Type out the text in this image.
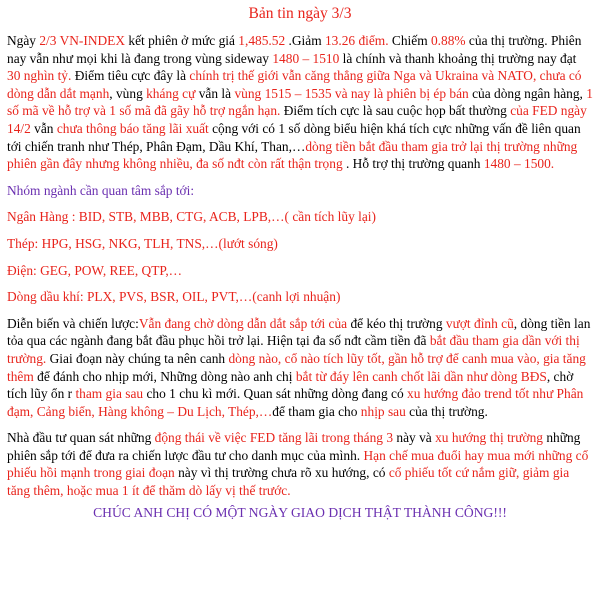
Bản tin ngày 3/3

Ngày 2/3 VN-INDEX kết phiên ở mức giá 1,485.52 .Giảm 13.26 điểm. Chiếm 0.88% của thị trường. Phiên nay vẫn như mọi khi là đang trong vùng sideway 1480 – 1510 là chính và thanh khoảng thị trường nay đạt 30 nghìn tỷ. Điểm tiêu cực đây là chính trị thế giới vẫn căng thẳng giữa Nga và Ukraina và NATO, chưa có dòng dẫn dắt mạnh, vùng kháng cự vẫn là vùng 1515 – 1535 và nay là phiên bị ép bán của dòng ngân hàng, 1 số mã về hỗ trợ và 1 số mã đã gãy hỗ trợ ngắn hạn. Điểm tích cực là sau cuộc họp bất thường của FED ngày 14/2 vẫn chưa thông báo tăng lãi xuất cộng với có 1 số dòng biểu hiện khá tích cực những vấn đề liên quan tới chiến tranh như Thép, Phân Đạm, Dầu Khí, Than,…dòng tiền bắt đầu tham gia trở lại thị trường những phiên gần đây nhưng không nhiều, đa số nđt còn rất thận trọng . Hỗ trợ thị trường quanh 1480 – 1500.

Nhóm ngành cần quan tâm sắp tới:

Ngân Hàng : BID, STB, MBB, CTG, ACB, LPB,…( cần tích lũy lại)

Thép: HPG, HSG, NKG, TLH, TNS,…(lướt sóng)

Điện: GEG, POW, REE, QTP,…

Dòng dầu khí: PLX, PVS, BSR, OIL, PVT,…(canh lợi nhuận)

Diễn biến và chiến lược:Vẫn đang chờ dòng dẫn dắt sắp tới của để kéo thị trường vượt đỉnh cũ, dòng tiền lan tỏa qua các ngành đang bắt đầu phục hồi trở lại. Hiện tại đa số nđt cầm tiền đã bắt đầu tham gia dần với thị trường. Giai đoạn này chúng ta nên canh dòng nào, cổ nào tích lũy tốt, gần hỗ trợ để canh mua vào, gia tăng thêm để đánh cho nhịp mới, Những dòng nào anh chị bắt từ đáy lên canh chốt lãi dần như dòng BĐS, chờ tích lũy ổn r tham gia sau cho 1 chu kì mới. Quan sát những dòng đang có xu hướng đảo trend tốt như Phân đạm, Cảng biển, Hàng không – Du Lịch, Thép,…để tham gia cho nhịp sau của thị trường.

Nhà đầu tư quan sát những động thái về việc FED tăng lãi trong tháng 3 này và xu hướng thị trường những phiên sắp tới để đưa ra chiến lược đầu tư cho danh mục của mình. Hạn chế mua đuổi hay mua mới những cổ phiếu hồi mạnh trong giai đoạn này vì thị trường chưa rõ xu hướng, có cổ phiếu tốt cứ nắm giữ, giảm gia tăng thêm, hoặc mua 1 ít để thăm dò lấy vị thế trước.

CHÚC ANH CHỊ CÓ MỘT NGÀY GIAO DỊCH THẬT THÀNH CÔNG!!!
